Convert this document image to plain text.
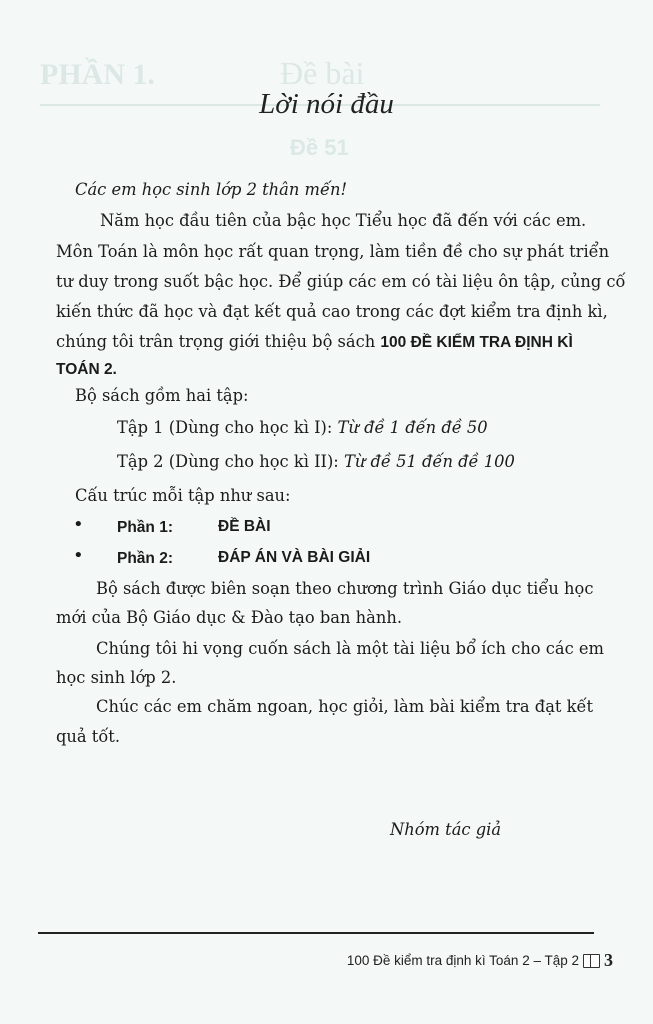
PHẦN 1.	Đề bài
Đề 51
Lời nói đầu
Các em học sinh lớp 2 thân mến!
Năm học đầu tiên của bậc học Tiểu học đã đến với các em.
Môn Toán là môn học rất quan trọng, làm tiền đề cho sự phát triển
tư duy trong suốt bậc học. Để giúp các em có tài liệu ôn tập, củng cố
kiến thức đã học và đạt kết quả cao trong các đợt kiểm tra định kì,
chúng tôi trân trọng giới thiệu bộ sách 100 ĐỀ KIỂM TRA ĐỊNH KÌ
TOÁN 2.
Bộ sách gồm hai tập:
Tập 1 (Dùng cho học kì I): Từ đề 1 đến đề 50
Tập 2 (Dùng cho học kì II): Từ đề 51 đến đề 100
Cấu trúc mỗi tập như sau:
• Phần 1:	ĐỀ BÀI
• Phần 2:	ĐÁP ÁN VÀ BÀI GIẢI
Bộ sách được biên soạn theo chương trình Giáo dục tiểu học
mới của Bộ Giáo dục & Đào tạo ban hành.
Chúng tôi hi vọng cuốn sách là một tài liệu bổ ích cho các em
học sinh lớp 2.
Chúc các em chăm ngoan, học giỏi, làm bài kiểm tra đạt kết
quả tốt.
Nhóm tác giả
100 Đề kiểm tra định kì Toán 2 – Tập 2 3
